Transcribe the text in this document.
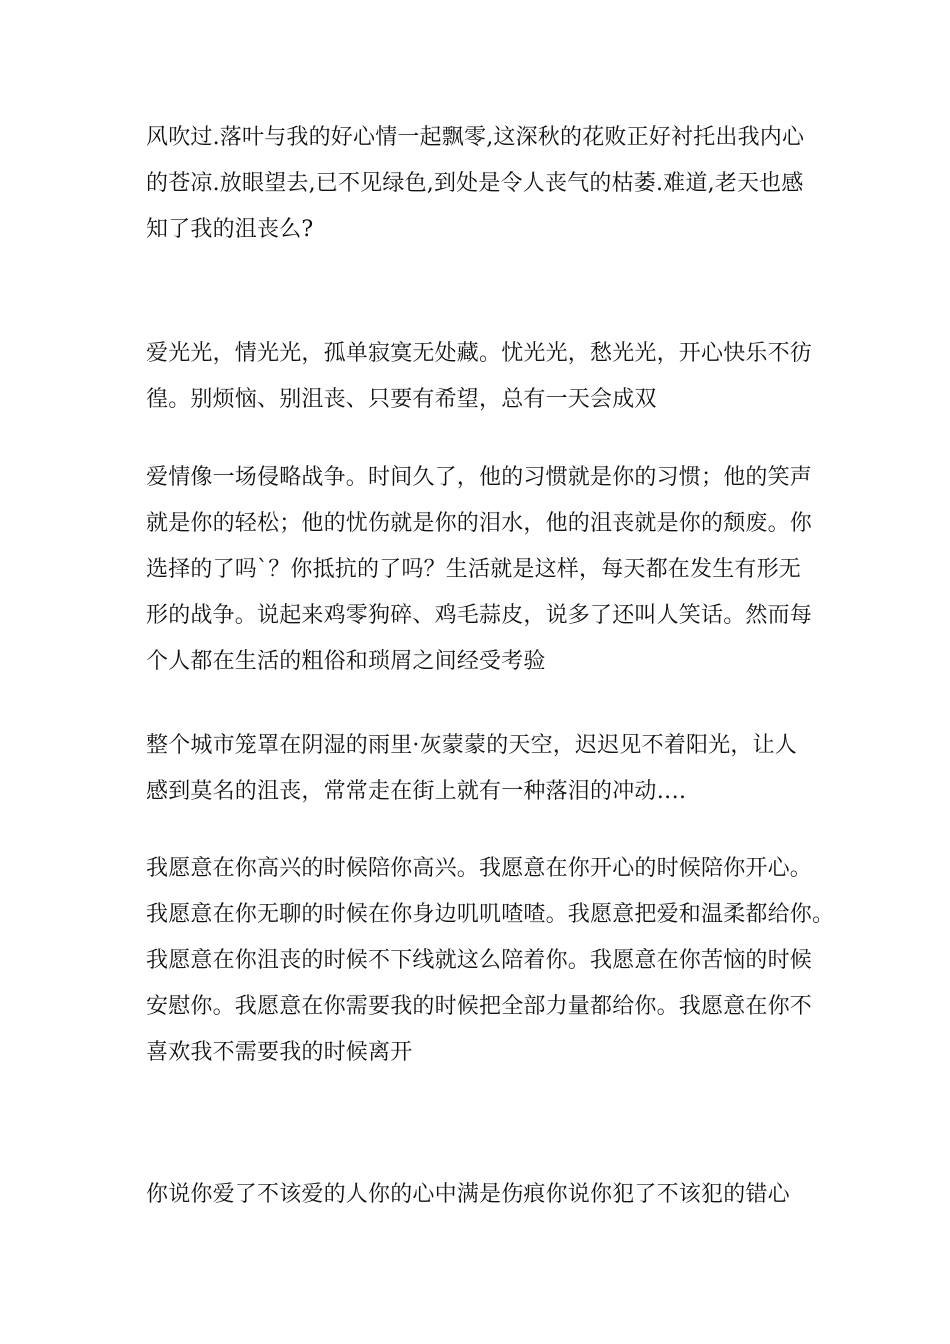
风吹过.落叶与我的好心情一起飘零,这深秋的花败正好衬托出我内心
的苍凉.放眼望去,已不见绿色,到处是令人丧气的枯萎.难道,老天也感
知了我的沮丧么?
爱光光，情光光，孤单寂寞无处藏。忧光光，愁光光，开心快乐不彷
徨。别烦恼、别沮丧、只要有希望，总有一天会成双
爱情像一场侵略战争。时间久了，他的习惯就是你的习惯；他的笑声
就是你的轻松；他的忧伤就是你的泪水，他的沮丧就是你的颓废。你
选择的了吗`？你抵抗的了吗？生活就是这样，每天都在发生有形无
形的战争。说起来鸡零狗碎、鸡毛蒜皮，说多了还叫人笑话。然而每
个人都在生活的粗俗和琐屑之间经受考验
整个城市笼罩在阴湿的雨里·灰蒙蒙的天空，迟迟见不着阳光，让人
感到莫名的沮丧，常常走在街上就有一种落泪的冲动‥‥
我愿意在你高兴的时候陪你高兴。我愿意在你开心的时候陪你开心。
我愿意在你无聊的时候在你身边叽叽喳喳。我愿意把爱和温柔都给你。
我愿意在你沮丧的时候不下线就这么陪着你。我愿意在你苦恼的时候
安慰你。我愿意在你需要我的时候把全部力量都给你。我愿意在你不
喜欢我不需要我的时候离开
你说你爱了不该爱的人你的心中满是伤痕你说你犯了不该犯的错心
